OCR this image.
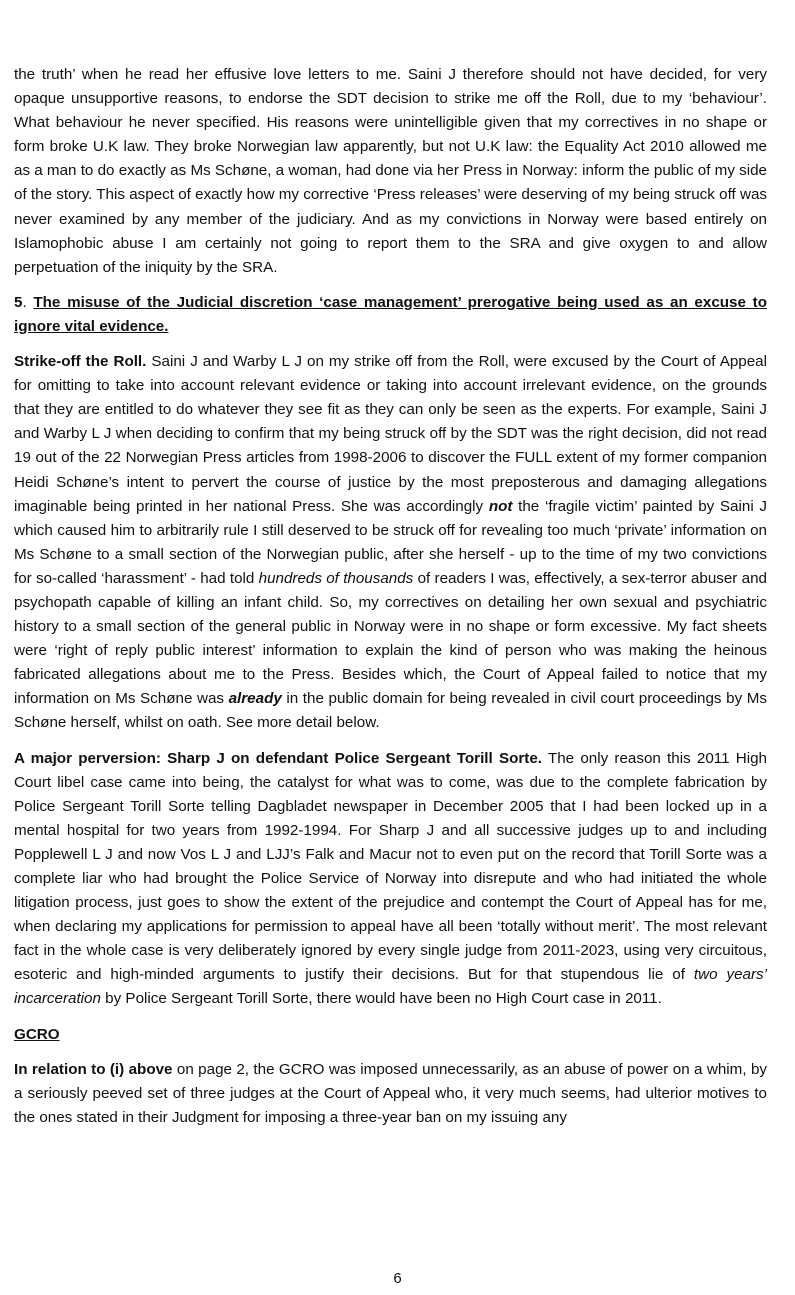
the truth’ when he read her effusive love letters to me. Saini J therefore should not have decided, for very opaque unsupportive reasons, to endorse the SDT decision to strike me off the Roll, due to my ‘behaviour’. What behaviour he never specified. His reasons were unintelligible given that my correctives in no shape or form broke U.K law. They broke Norwegian law apparently, but not U.K law: the Equality Act 2010 allowed me as a man to do exactly as Ms Schøne, a woman, had done via her Press in Norway: inform the public of my side of the story. This aspect of exactly how my corrective ‘Press releases’ were deserving of my being struck off was never examined by any member of the judiciary. And as my convictions in Norway were based entirely on Islamophobic abuse I am certainly not going to report them to the SRA and give oxygen to and allow perpetuation of the iniquity by the SRA.

5. The misuse of the Judicial discretion ‘case management’ prerogative being used as an excuse to ignore vital evidence.

Strike-off the Roll. Saini J and Warby L J on my strike off from the Roll, were excused by the Court of Appeal for omitting to take into account relevant evidence or taking into account irrelevant evidence, on the grounds that they are entitled to do whatever they see fit as they can only be seen as the experts. For example, Saini J and Warby L J when deciding to confirm that my being struck off by the SDT was the right decision, did not read 19 out of the 22 Norwegian Press articles from 1998-2006 to discover the FULL extent of my former companion Heidi Schøne’s intent to pervert the course of justice by the most preposterous and damaging allegations imaginable being printed in her national Press. She was accordingly not the ‘fragile victim’ painted by Saini J which caused him to arbitrarily rule I still deserved to be struck off for revealing too much ‘private’ information on Ms Schøne to a small section of the Norwegian public, after she herself - up to the time of my two convictions for so-called ‘harassment’ - had told hundreds of thousands of readers I was, effectively, a sex-terror abuser and psychopath capable of killing an infant child. So, my correctives on detailing her own sexual and psychiatric history to a small section of the general public in Norway were in no shape or form excessive. My fact sheets were ‘right of reply public interest’ information to explain the kind of person who was making the heinous fabricated allegations about me to the Press. Besides which, the Court of Appeal failed to notice that my information on Ms Schøne was already in the public domain for being revealed in civil court proceedings by Ms Schøne herself, whilst on oath. See more detail below.

A major perversion: Sharp J on defendant Police Sergeant Torill Sorte. The only reason this 2011 High Court libel case came into being, the catalyst for what was to come, was due to the complete fabrication by Police Sergeant Torill Sorte telling Dagbladet newspaper in December 2005 that I had been locked up in a mental hospital for two years from 1992-1994. For Sharp J and all successive judges up to and including Popplewell L J and now Vos L J and LJJ’s Falk and Macur not to even put on the record that Torill Sorte was a complete liar who had brought the Police Service of Norway into disrepute and who had initiated the whole litigation process, just goes to show the extent of the prejudice and contempt the Court of Appeal has for me, when declaring my applications for permission to appeal have all been ‘totally without merit’. The most relevant fact in the whole case is very deliberately ignored by every single judge from 2011-2023, using very circuitous, esoteric and high-minded arguments to justify their decisions. But for that stupendous lie of two years’ incarceration by Police Sergeant Torill Sorte, there would have been no High Court case in 2011.

GCRO

In relation to (i) above on page 2, the GCRO was imposed unnecessarily, as an abuse of power on a whim, by a seriously peeved set of three judges at the Court of Appeal who, it very much seems, had ulterior motives to the ones stated in their Judgment for imposing a three-year ban on my issuing any

6
